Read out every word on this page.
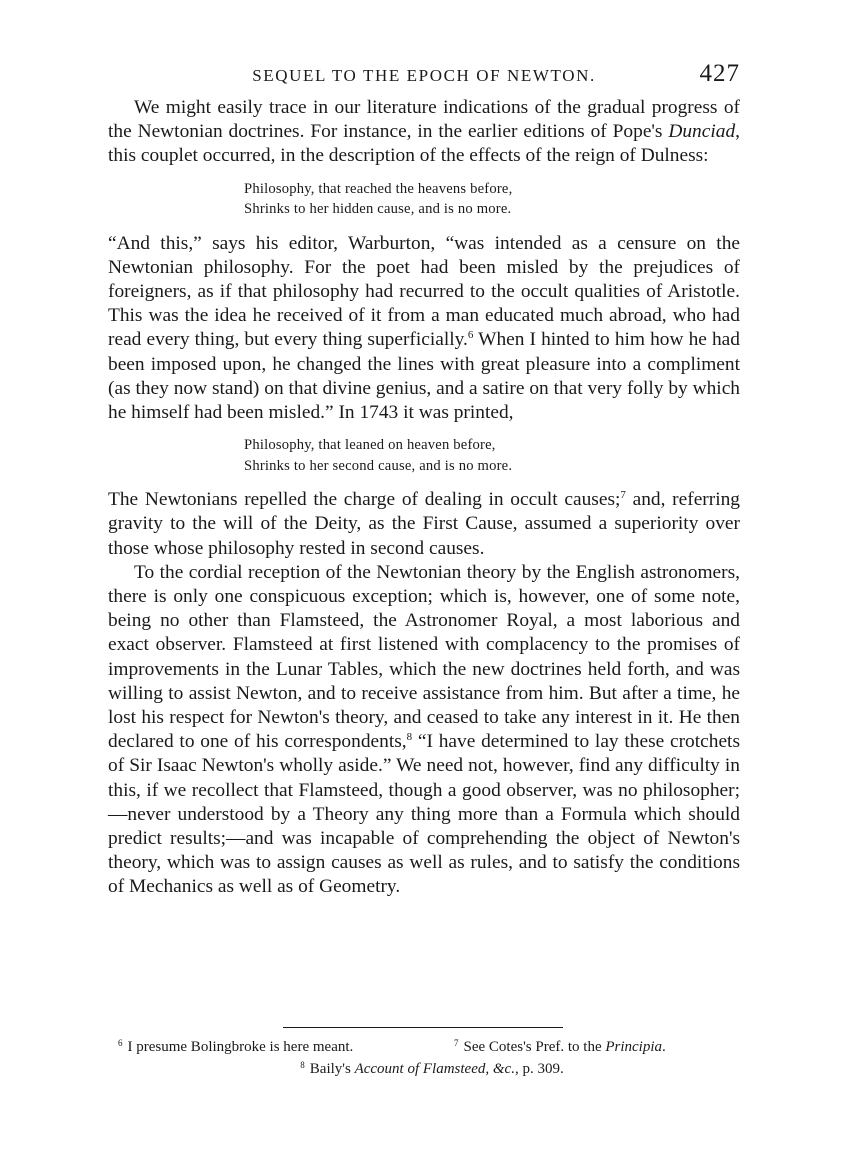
SEQUEL TO THE EPOCH OF NEWTON.	427

We might easily trace in our literature indications of the gradual progress of the Newtonian doctrines. For instance, in the earlier editions of Pope's Dunciad, this couplet occurred, in the description of the effects of the reign of Dulness:

Philosophy, that reached the heavens before,
Shrinks to her hidden cause, and is no more.

“And this,” says his editor, Warburton, “was intended as a censure on the Newtonian philosophy. For the poet had been misled by the prejudices of foreigners, as if that philosophy had recurred to the occult qualities of Aristotle. This was the idea he received of it from a man educated much abroad, who had read every thing, but every thing superficially.$^6$ When I hinted to him how he had been imposed upon, he changed the lines with great pleasure into a compliment (as they now stand) on that divine genius, and a satire on that very folly by which he himself had been misled.” In 1743 it was printed,

Philosophy, that leaned on heaven before,
Shrinks to her second cause, and is no more.

The Newtonians repelled the charge of dealing in occult causes;$^7$ and, referring gravity to the will of the Deity, as the First Cause, assumed a superiority over those whose philosophy rested in second causes.

To the cordial reception of the Newtonian theory by the English astronomers, there is only one conspicuous exception; which is, however, one of some note, being no other than Flamsteed, the Astronomer Royal, a most laborious and exact observer. Flamsteed at first listened with complacency to the promises of improvements in the Lunar Tables, which the new doctrines held forth, and was willing to assist Newton, and to receive assistance from him. But after a time, he lost his respect for Newton's theory, and ceased to take any interest in it. He then declared to one of his correspondents,$^8$ “I have determined to lay these crotchets of Sir Isaac Newton's wholly aside.” We need not, however, find any difficulty in this, if we recollect that Flamsteed, though a good observer, was no philosopher;—never understood by a Theory any thing more than a Formula which should predict results;—and was incapable of comprehending the object of Newton's theory, which was to assign causes as well as rules, and to satisfy the conditions of Mechanics as well as of Geometry.

$^6$ I presume Bolingbroke is here meant.	$^7$ See Cotes's Pref. to the Principia.
$^8$ Baily's Account of Flamsteed, &c., p. 309.
